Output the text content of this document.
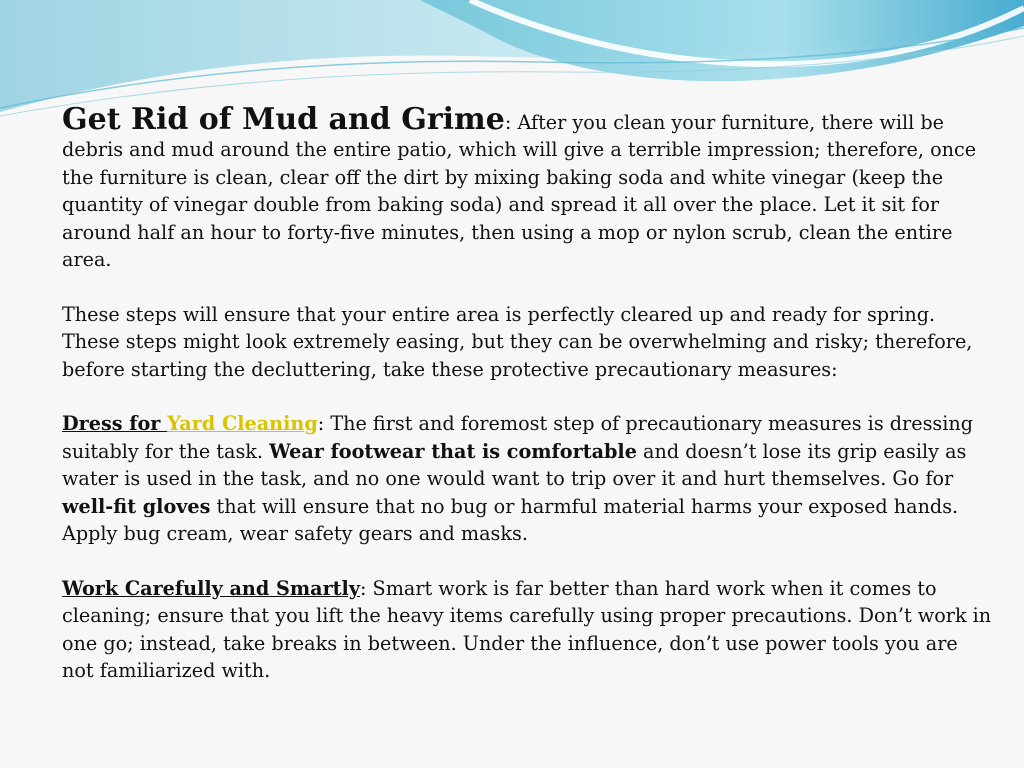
Get Rid of Mud and Grime: After you clean your furniture, there will be debris and mud around the entire patio, which will give a terrible impression; therefore, once the furniture is clean, clear off the dirt by mixing baking soda and white vinegar (keep the quantity of vinegar double from baking soda) and spread it all over the place. Let it sit for around half an hour to forty-five minutes, then using a mop or nylon scrub, clean the entire area.

These steps will ensure that your entire area is perfectly cleared up and ready for spring. These steps might look extremely easing, but they can be overwhelming and risky; therefore, before starting the decluttering, take these protective precautionary measures:

Dress for Yard Cleaning: The first and foremost step of precautionary measures is dressing suitably for the task. Wear footwear that is comfortable and doesn’t lose its grip easily as water is used in the task, and no one would want to trip over it and hurt themselves. Go for well-fit gloves that will ensure that no bug or harmful material harms your exposed hands. Apply bug cream, wear safety gears and masks.

Work Carefully and Smartly: Smart work is far better than hard work when it comes to cleaning; ensure that you lift the heavy items carefully using proper precautions. Don’t work in one go; instead, take breaks in between. Under the influence, don’t use power tools you are not familiarized with.
